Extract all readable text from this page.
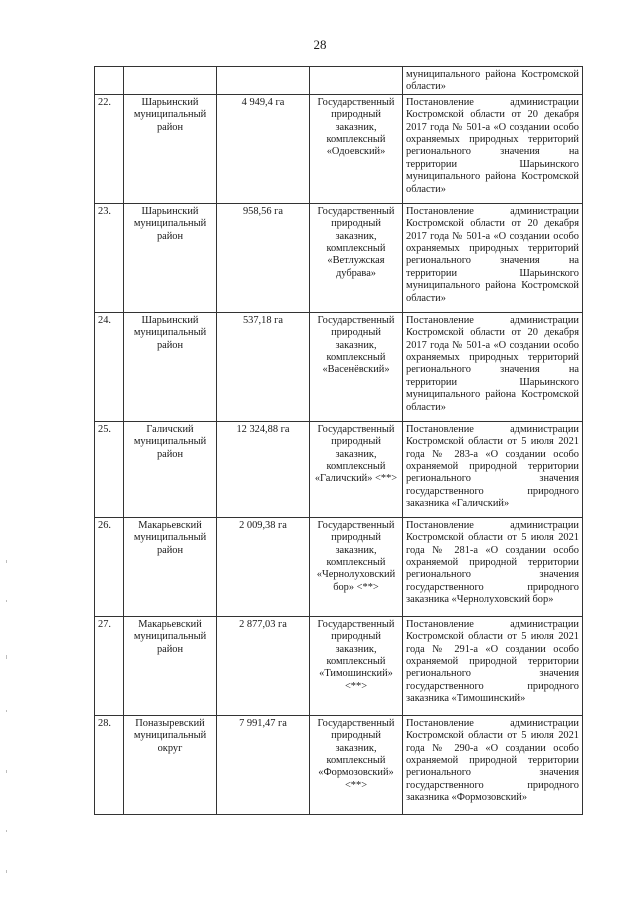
28
				муниципального района Костромской области»
22.	Шарьинский муниципальный район	4 949,4 га	Государственный природный заказник, комплексный «Одоевский»	Постановление администрации Костромской области от 20 декабря 2017 года № 501-а «О создании особо охраняемых природных территорий регионального значения на территории Шарьинского муниципального района Костромской области»
23.	Шарьинский муниципальный район	958,56 га	Государственный природный заказник, комплексный «Ветлужская дубрава»	Постановление администрации Костромской области от 20 декабря 2017 года № 501-а «О создании особо охраняемых природных территорий регионального значения на территории Шарьинского муниципального района Костромской области»
24.	Шарьинский муниципальный район	537,18 га	Государственный природный заказник, комплексный «Васенёвский»	Постановление администрации Костромской области от 20 декабря 2017 года № 501-а «О создании особо охраняемых природных территорий регионального значения на территории Шарьинского муниципального района Костромской области»
25.	Галичский муниципальный район	12 324,88 га	Государственный природный заказник, комплексный «Галичский» <**>	Постановление администрации Костромской области от 5 июля 2021 года № 283-а «О создании особо охраняемой природной территории регионального значения государственного природного заказника «Галичский»
26.	Макарьевский муниципальный район	2 009,38 га	Государственный природный заказник, комплексный «Чернолуховский бор» <**>	Постановление администрации Костромской области от 5 июля 2021 года № 281-а «О создании особо охраняемой природной территории регионального значения государственного природного заказника «Чернолуховский бор»
27.	Макарьевский муниципальный район	2 877,03 га	Государственный природный заказник, комплексный «Тимошинский» <**>	Постановление администрации Костромской области от 5 июля 2021 года № 291-а «О создании особо охраняемой природной территории регионального значения государственного природного заказника «Тимошинский»
28.	Поназыревский муниципальный округ	7 991,47 га	Государственный природный заказник, комплексный «Формозовский» <**>	Постановление администрации Костромской области от 5 июля 2021 года № 290-а «О создании особо охраняемой природной территории регионального значения государственного природного заказника «Формозовский»
